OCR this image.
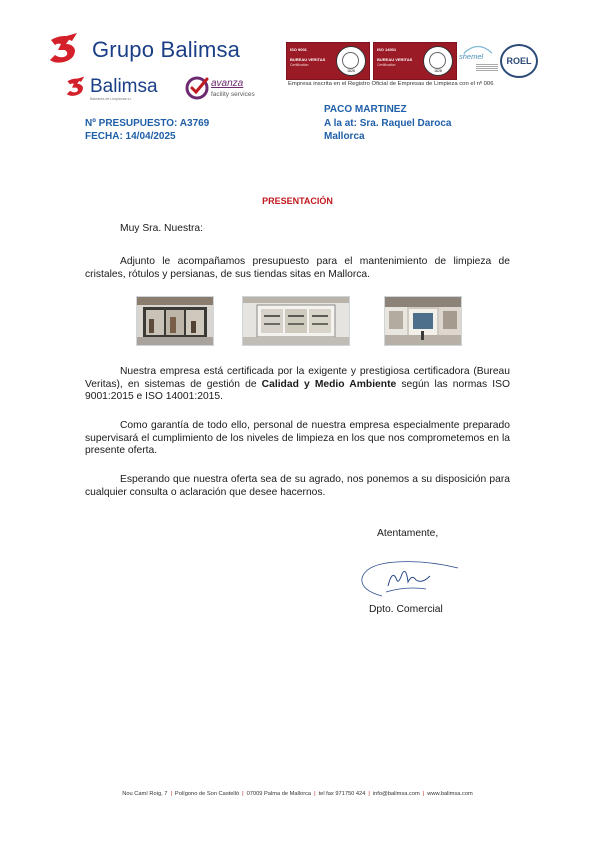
Grupo Balimsa
Balimsa
Balearea de Limpiezas s.l.
avanza
facility services
ISO 9001
BUREAU VERITAS
Certification
1828
ISO 14001
BUREAU VERITAS
Certification
1828
shemel	ROEL
Empresa inscrita en el Registro Oficial de Empresas de Limpieza con el nº 006
PACO MARTINEZ
Nº PRESUPUESTO: A3769	A la at: Sra. Raquel Daroca
FECHA: 14/04/2025	Mallorca
PRESENTACIÓN
Muy Sra. Nuestra:
Adjunto le acompañamos presupuesto para el mantenimiento de limpieza de cristales, rótulos y persianas, de sus tiendas sitas en Mallorca.
Nuestra empresa está certificada por la exigente y prestigiosa certificadora (Bureau Veritas), en sistemas de gestión de Calidad y Medio Ambiente según las normas ISO 9001:2015 e ISO 14001:2015.
Como garantía de todo ello, personal de nuestra empresa especialmente preparado supervisará el cumplimiento de los niveles de limpieza en los que nos comprometemos en la presente oferta.
Esperando que nuestra oferta sea de su agrado, nos ponemos a su disposición para cualquier consulta o aclaración que desee hacernos.
Atentamente,
Dpto. Comercial
Nou Camí Roig, 7 | Polígono de Son Castelló | 07009 Palma de Mallorca | tel fax 971750 424 | info@balimsa.com | www.balimsa.com
